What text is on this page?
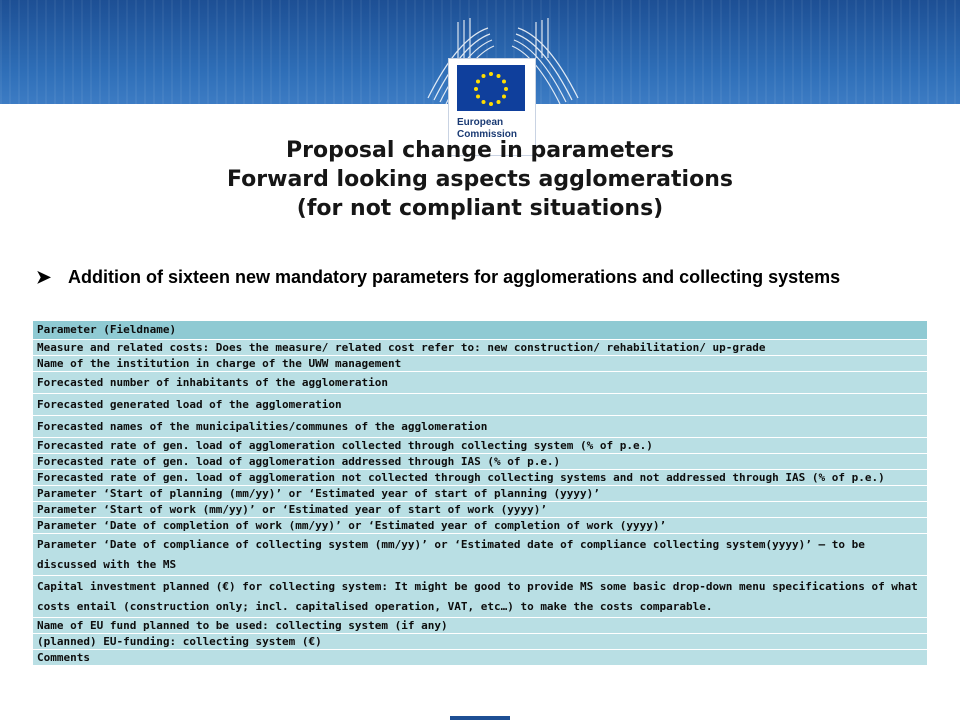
European
Commission
Proposal change in parameters
Forward looking aspects agglomerations
(for not compliant situations)
➤ Addition of sixteen new mandatory parameters for agglomerations and collecting systems
Parameter (Fieldname)
Measure and related costs: Does the measure/ related cost refer to: new construction/ rehabilitation/ up-grade
Name of the institution in charge of the UWW management
Forecasted number of inhabitants of the agglomeration
Forecasted generated load of the agglomeration
Forecasted names of the municipalities/communes of the agglomeration
Forecasted rate of gen. load of agglomeration collected through collecting system (% of p.e.)
Forecasted rate of gen. load of agglomeration addressed through IAS (% of p.e.)
Forecasted rate of gen. load of agglomeration not collected through collecting systems and not addressed through IAS (% of p.e.)
Parameter ‘Start of planning (mm/yy)’ or ‘Estimated year of start of planning (yyyy)’
Parameter ‘Start of work (mm/yy)’ or ‘Estimated year of start of work (yyyy)’
Parameter ‘Date of completion of work (mm/yy)’ or ‘Estimated year of completion of work (yyyy)’
Parameter ‘Date of compliance of collecting system (mm/yy)’ or ‘Estimated date of compliance collecting system(yyyy)’ – to be discussed with the MS
Capital investment planned (€) for collecting system: It might be good to provide MS some basic drop-down menu specifications of what costs entail (construction only; incl. capitalised operation, VAT, etc…) to make the costs comparable.
Name of EU fund planned to be used: collecting system (if any)
(planned) EU-funding: collecting system (€)
Comments
